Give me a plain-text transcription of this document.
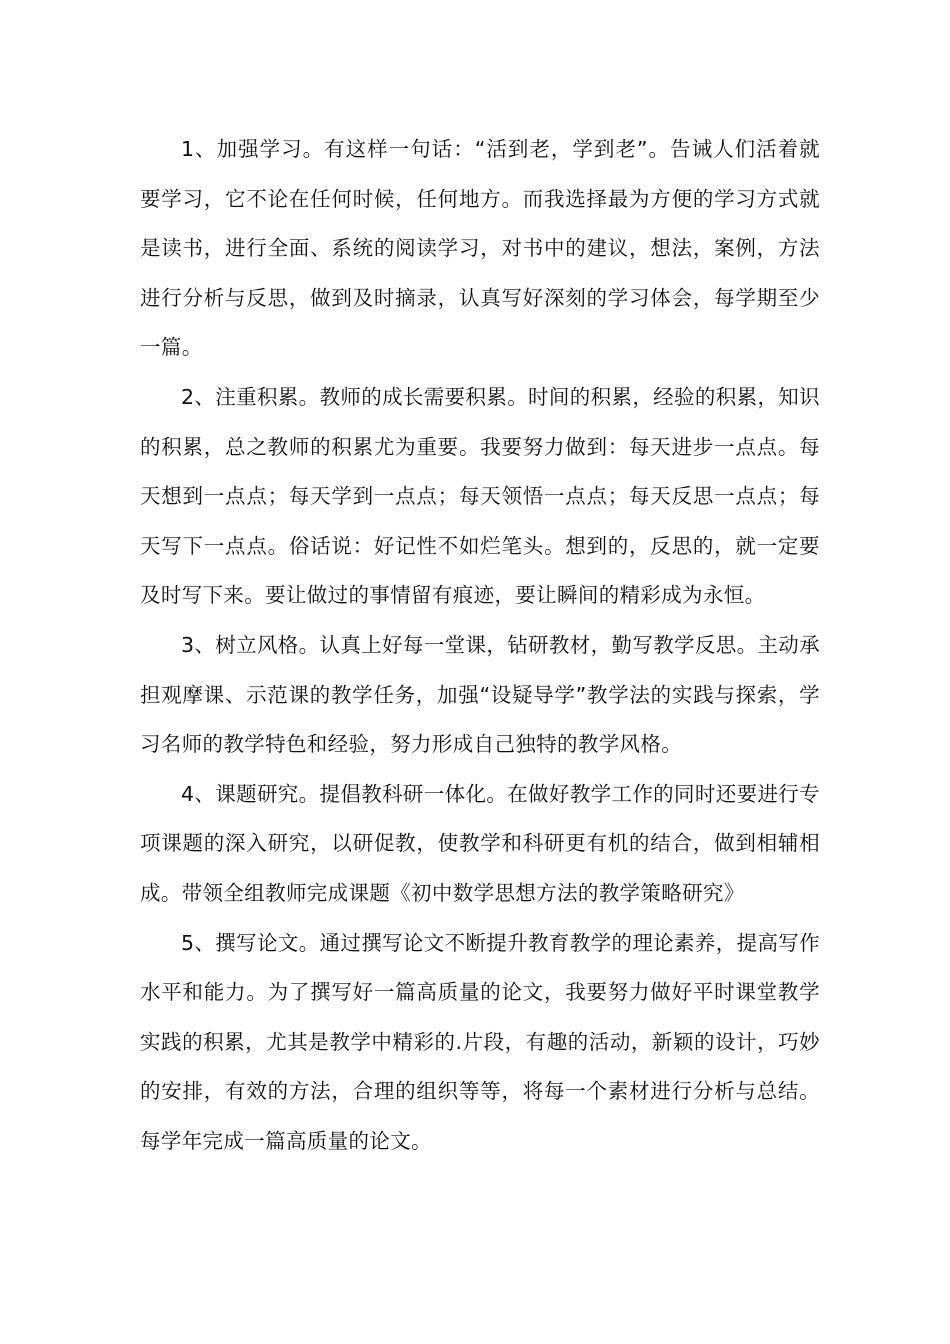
1、加强学习。有这样一句话：“活到老，学到老”。告诫人们活着就要学习，它不论在任何时候，任何地方。而我选择最为方便的学习方式就是读书，进行全面、系统的阅读学习，对书中的建议，想法，案例，方法进行分析与反思，做到及时摘录，认真写好深刻的学习体会，每学期至少一篇。

2、注重积累。教师的成长需要积累。时间的积累，经验的积累，知识的积累，总之教师的积累尤为重要。我要努力做到：每天进步一点点。每天想到一点点；每天学到一点点；每天领悟一点点；每天反思一点点；每天写下一点点。俗话说：好记性不如烂笔头。想到的，反思的，就一定要及时写下来。要让做过的事情留有痕迹，要让瞬间的精彩成为永恒。

3、树立风格。认真上好每一堂课，钻研教材，勤写教学反思。主动承担观摩课、示范课的教学任务，加强“设疑导学”教学法的实践与探索，学习名师的教学特色和经验，努力形成自己独特的教学风格。

4、课题研究。提倡教科研一体化。在做好教学工作的同时还要进行专项课题的深入研究，以研促教，使教学和科研更有机的结合，做到相辅相成。带领全组教师完成课题《初中数学思想方法的教学策略研究》

5、撰写论文。通过撰写论文不断提升教育教学的理论素养，提高写作水平和能力。为了撰写好一篇高质量的论文，我要努力做好平时课堂教学实践的积累，尤其是教学中精彩的.片段，有趣的活动，新颖的设计，巧妙的安排，有效的方法，合理的组织等等，将每一个素材进行分析与总结。每学年完成一篇高质量的论文。
